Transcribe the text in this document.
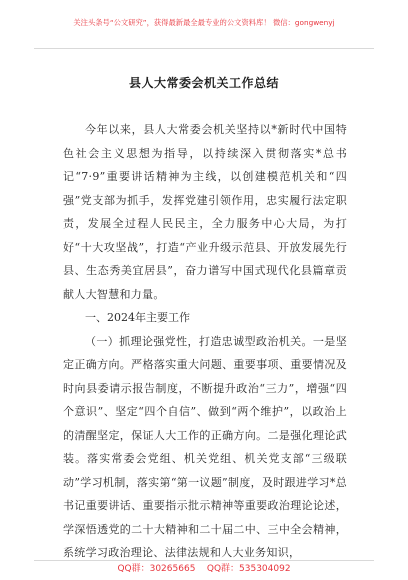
关注头条号“公文研究”，获得最新最全最专业的公文资料库！ 微信：gongwenyj
县人大常委会机关工作总结

今年以来，县人大常委会机关坚持以*新时代中国特色社会主义思想为指导，以持续深入贯彻落实*总书记“7·9”重要讲话精神为主线，以创建模范机关和“四强”党支部为抓手，发挥党建引领作用，忠实履行法定职责，发展全过程人民民主，全力服务中心大局，为打好“十大攻坚战”，打造“产业升级示范县、开放发展先行县、生态秀美宜居县”，奋力谱写中国式现代化县篇章贡献人大智慧和力量。

一、2024年主要工作

（一）抓理论强党性，打造忠诚型政治机关。一是坚定正确方向。严格落实重大问题、重要事项、重要情况及时向县委请示报告制度，不断提升政治“三力”，增强“四个意识”、坚定“四个自信”、做到“两个维护”，以政治上的清醒坚定，保证人大工作的正确方向。二是强化理论武装。落实常委会党组、机关党组、机关党支部“三级联动”学习机制，落实第“第一议题”制度，及时跟进学习*总书记重要讲话、重要指示批示精神等重要政治理论论述，学深悟透党的二十大精神和二十届二中、三中全会精神，系统学习政治理论、法律法规和人大业务知识，

QQ群：30265665    QQ群：535304092
